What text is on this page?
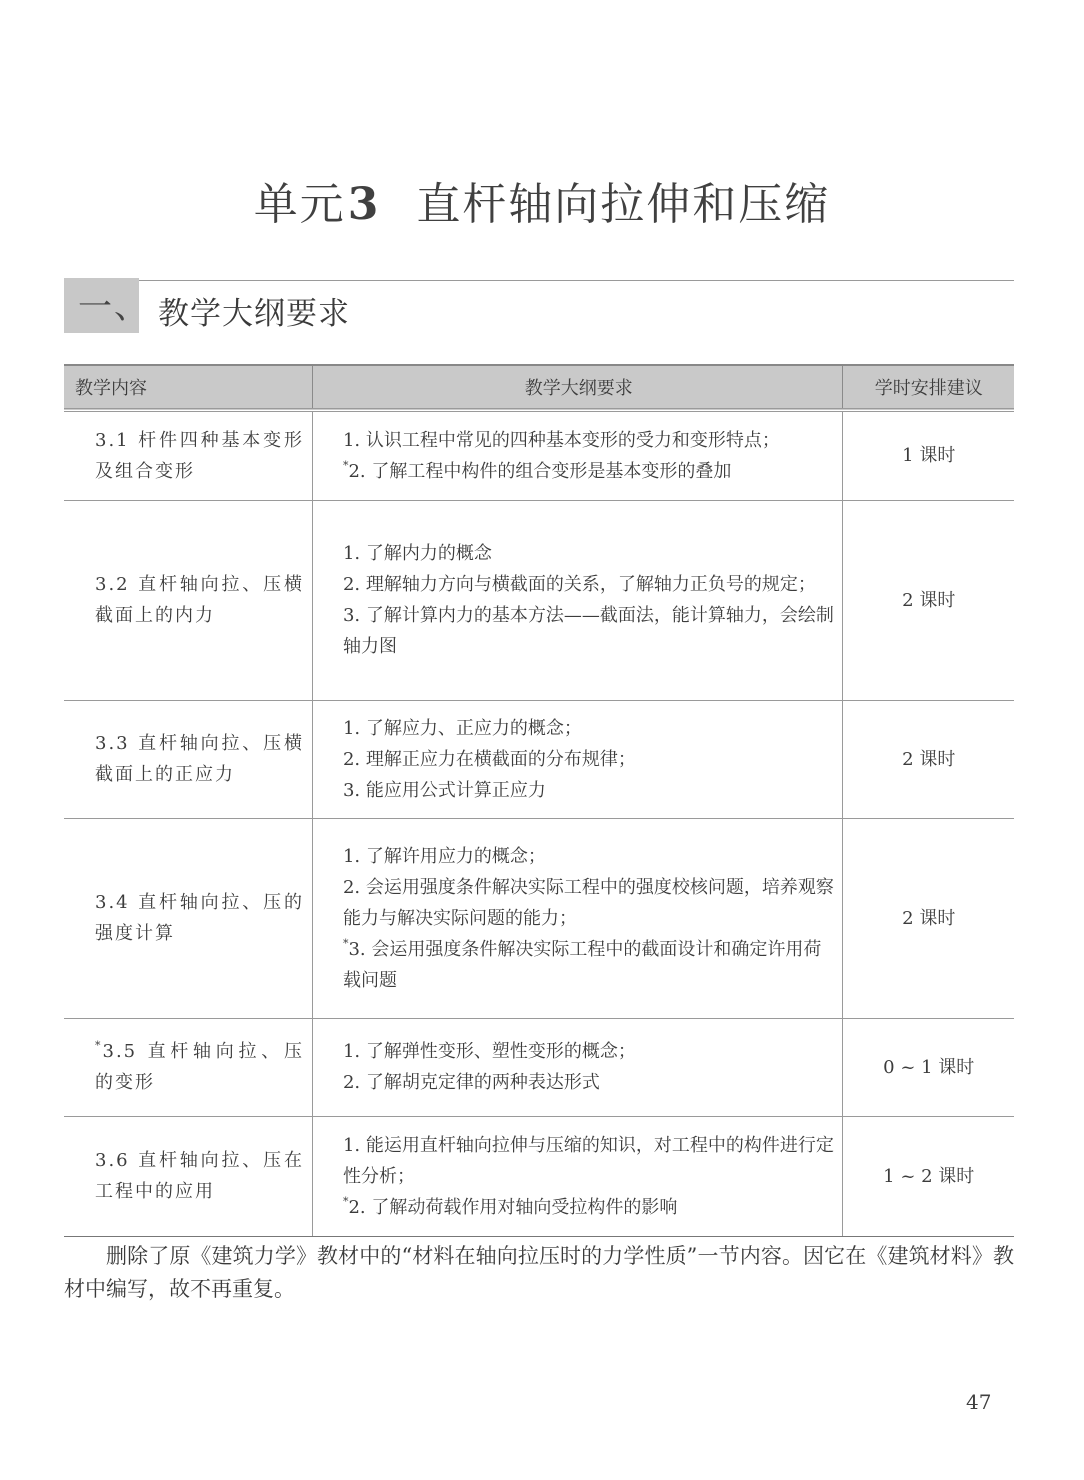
单元3 直杆轴向拉伸和压缩
一、 教学大纲要求
教学内容	教学大纲要求	学时安排建议

3.1 杆件四种基本变形及组合变形	1. 认识工程中常见的四种基本变形的受力和变形特点；
*2. 了解工程中构件的组合变形是基本变形的叠加	1 课时

3.2 直杆轴向拉、压横截面上的内力	1. 了解内力的概念
2. 理解轴力方向与横截面的关系，了解轴力正负号的规定；
3. 了解计算内力的基本方法——截面法，能计算轴力，会绘制轴力图	2 课时

3.3 直杆轴向拉、压横截面上的正应力	1. 了解应力、正应力的概念；
2. 理解正应力在横截面的分布规律；
3. 能应用公式计算正应力	2 课时

3.4 直杆轴向拉、压的强度计算	1. 了解许用应力的概念；
2. 会运用强度条件解决实际工程中的强度校核问题，培养观察能力与解决实际问题的能力；
*3. 会运用强度条件解决实际工程中的截面设计和确定许用荷载问题	2 课时

*3.5 直杆轴向拉、压的变形	1. 了解弹性变形、塑性变形的概念；
2. 了解胡克定律的两种表达形式	0 ~ 1 课时

3.6 直杆轴向拉、压在工程中的应用	1. 能运用直杆轴向拉伸与压缩的知识，对工程中的构件进行定性分析；
*2. 了解动荷载作用对轴向受拉构件的影响	1 ~ 2 课时
删除了原《建筑力学》教材中的“材料在轴向拉压时的力学性质”一节内容。因它在《建筑材料》教材中编写，故不再重复。
47
